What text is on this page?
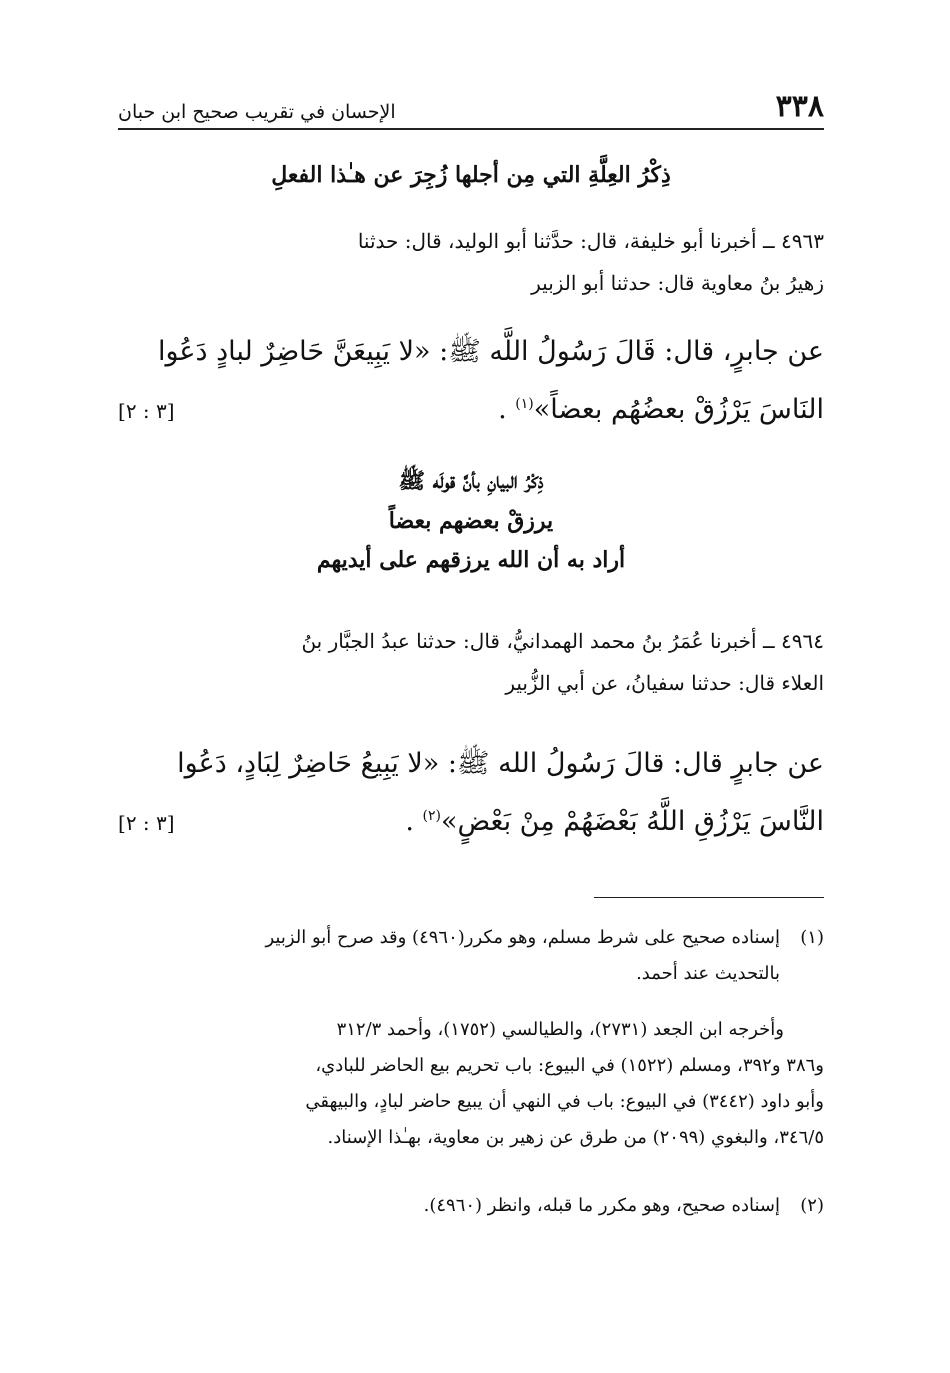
٣٣٨
الإحسان في تقريب صحيح ابن حبان
ذِكْرُ العِلَّةِ التي مِن أجلها زُجِرَ عن هـٰذا الفعلِ
٤٩٦٣ ــ أخبرنا أبو خليفة، قال: حدَّثنا أبو الوليد، قال: حدثنا
زهيرُ بنُ معاوية قال: حدثنا أبو الزبير
عن جابرٍ، قال: قَالَ رَسُولُ اللَّه ﷺ: «لا يَبِيعَنَّ حَاضِرٌ لبادٍ دَعُوا
النَاسَ يَرْزُقْ بعضُهُم بعضاً»$^{(١)}$ .
[٣ : ٢]
ذِكْرُ البيانِ بأنَّ قولَه ﷺ
يرزقْ بعضهم بعضاً
أراد به أن الله يرزقهم على أيديهم
٤٩٦٤ ــ أخبرنا عُمَرُ بنُ محمد الهمدانيُّ، قال: حدثنا عبدُ الجبَّار بنُ
العلاء قال: حدثنا سفيانُ، عن أبي الزُّبير
عن جابرٍ قال: قالَ رَسُولُ الله ﷺ: «لا يَبِيعُ حَاضِرٌ لِبَادٍ، دَعُوا
النَّاسَ يَرْزُقِ اللَّهُ بَعْضَهُمْ مِنْ بَعْضٍ»$^{(٢)}$ .
[٣ : ٢]
(١)إسناده صحيح على شرط مسلم، وهو مكرر(٤٩٦٠) وقد صرح أبو الزبير
بالتحديث عند أحمد.
وأخرجه ابن الجعد (٢٧٣١)، والطيالسي (١٧٥٢)، وأحمد ٣١٢/٣
و٣٨٦ و٣٩٢، ومسلم (١٥٢٢) في البيوع: باب تحريم بيع الحاضر للبادي،
وأبو داود (٣٤٤٢) في البيوع: باب في النهي أن يبيع حاضر لبادٍ، والبيهقي
٣٤٦/٥، والبغوي (٢٠٩٩) من طرق عن زهير بن معاوية، بهـٰذا الإسناد.
(٢)إسناده صحيح، وهو مكرر ما قبله، وانظر (٤٩٦٠).
